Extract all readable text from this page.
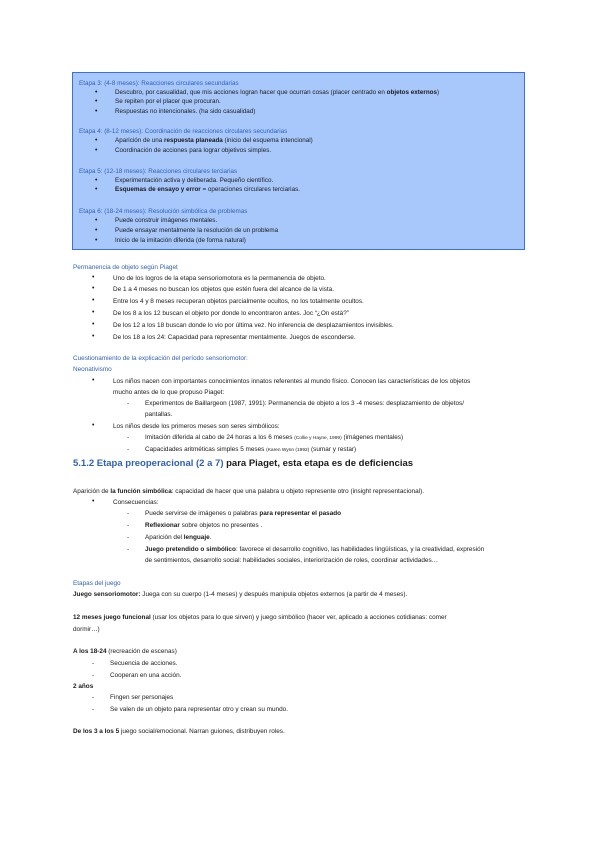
Etapa 3: (4-8 meses): Reacciones circulares secundarias
•	Descubro, por casualidad, que mis acciones logran hacer que ocurran cosas (placer centrado en objetos externos)
•	Se repiten por el placer que procuran.
•	Respuestas no intencionales. (ha sido casualidad)
Etapa 4: (8-12 meses): Coordinación de reacciones circulares secundarias
•	Aparición de una respuesta planeada (inicio del esquema intencional)
•	Coordinación de acciones para lograr objetivos simples.
Etapa 5: (12-18 meses): Reacciones circulares terciarias
•	Experimentación activa y deliberada. Pequeño científico.
•	Esquemas de ensayo y error = operaciones circulares terciarias.
Etapa 6: (18-24 meses): Resolución simbólica de problemas
•	Puede construir imágenes mentales.
•	Puede ensayar mentalmente la resolución de un problema
•	Inicio de la imitación diferida (de forma natural)
Permanencia de objeto según Piaget
•	Uno de los logros de la etapa sensoriomotora es la permanencia de objeto.
•	De 1 a 4 meses no buscan los objetos que estén fuera del alcance de la vista.
•	Entre los 4 y 8 meses recuperan objetos parcialmente ocultos, no los totalmente ocultos.
•	De los 8 a los 12 buscan el objeto por donde lo encontraron antes. Joc “¿On està?”
•	De los 12 a los 18 buscan donde lo vio por última vez. No inferencia de desplazamientos invisibles.
•	De los 18 a los 24: Capacidad para representar mentalmente. Juegos de esconderse.
Cuestionamiento de la explicación del período sensoriomotor:
Neonativismo
•	Los niños nacen con importantes conocimientos innatos referentes al mundo físico. Conocen las características de los objetos
mucho antes de lo que propuso Piaget:
- Experimentos de Baillargeon (1987, 1991): Permanencia de objeto a los 3 -4 meses: desplazamiento de objetos/
pantallas.
•	Los niños desde los primeros meses son seres simbólicos:
- Imitación diferida al cabo de 24 horas a los 6 meses (Collie y Hayne, 1999) (imágenes mentales)
- Capacidades aritméticas simples 5 meses (Karen Wynn (1992) (sumar y restar)
5.1.2 Etapa preoperacional (2 a 7) para Piaget, esta etapa es de deficiencias
Aparición de la función simbólica: capacidad de hacer que una palabra u objeto represente otro (insight representacional).
•	Consecuencias:
- Puede servirse de imágenes o palabras para representar el pasado
- Reflexionar sobre objetos no presentes .
- Aparición del lenguaje.
- Juego pretendido o simbólico: favorece el desarrollo cognitivo, las habilidades lingüísticas, y la creatividad, expresión
de sentimientos, desarrollo social: habilidades sociales, interiorización de roles, coordinar actividades…
Etapas del juego
Juego sensoriomotor: Juega con su cuerpo (1-4 meses) y después manipula objetos externos (a partir de 4 meses).
12 meses juego funcional (usar los objetos para lo que sirven) y juego simbólico (hacer ver, aplicado a acciones cotidianas: comer
dormir…)
A los 18-24 (recreación de escenas)
- Secuencia de acciones.
- Cooperan en una acción.
2 años
- Fingen ser personajes
- Se valen de un objeto para representar otro y crean su mundo.
De los 3 a los 5 juego social/emocional. Narran guiones, distribuyen roles.
